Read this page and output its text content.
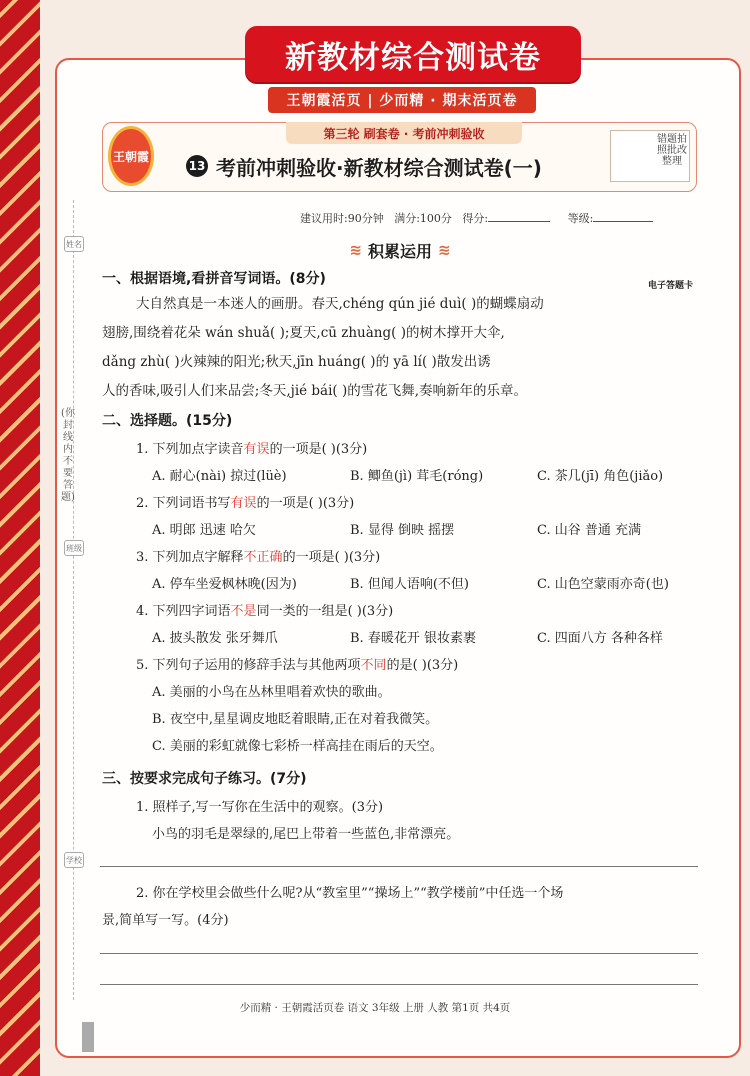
新教材综合测试卷
王朝霞活页 | 少而精 · 期末活页卷
第三轮 刷套卷 · 考前冲刺验收
王朝霞
13 考前冲刺验收·新教材综合测试卷(一)
错题拍照批改整理
建议用时:90分钟 满分:100分 得分:	等级:
≋ 积累运用 ≋
电子答题卡
姓名
班级
学校
(你封线内不要答题)
一、根据语境,看拼音写词语。(8分)
大自然真是一本迷人的画册。春天,chéng qún jié duì( )的蝴蝶扇动
翅膀,围绕着花朵 wán shuǎ( );夏天,cū zhuàng( )的树木撑开大伞,
dǎng zhù( )火辣辣的阳光;秋天,jīn huáng( )的 yā lí( )散发出诱
人的香味,吸引人们来品尝;冬天,jié bái( )的雪花飞舞,奏响新年的乐章。
二、选择题。(15分)
1. 下列加点字读音有误的一项是( )(3分)
A. 耐心(nài) 掠过(lüè)	B. 鲫鱼(jì) 茸毛(róng)	C. 茶几(jī) 角色(jiǎo)
2. 下列词语书写有误的一项是( )(3分)
A. 明郎 迅速 哈欠	B. 显得 倒映 摇摆	C. 山谷 普通 充满
3. 下列加点字解释不正确的一项是( )(3分)
A. 停车坐爱枫林晚(因为)	B. 但闻人语响(不但)	C. 山色空蒙雨亦奇(也)
4. 下列四字词语不是同一类的一组是( )(3分)
A. 披头散发 张牙舞爪	B. 春暖花开 银妆素裹	C. 四面八方 各种各样
5. 下列句子运用的修辞手法与其他两项不同的是( )(3分)
A. 美丽的小鸟在丛林里唱着欢快的歌曲。
B. 夜空中,星星调皮地眨着眼睛,正在对着我微笑。
C. 美丽的彩虹就像七彩桥一样高挂在雨后的天空。
三、按要求完成句子练习。(7分)
1. 照样子,写一写你在生活中的观察。(3分)
小鸟的羽毛是翠绿的,尾巴上带着一些蓝色,非常漂亮。
2. 你在学校里会做些什么呢?从“教室里”“操场上”“教学楼前”中任选一个场
景,简单写一写。(4分)
少而精 · 王朝霞活页卷 语文 3年级 上册 人教 第1页 共4页
